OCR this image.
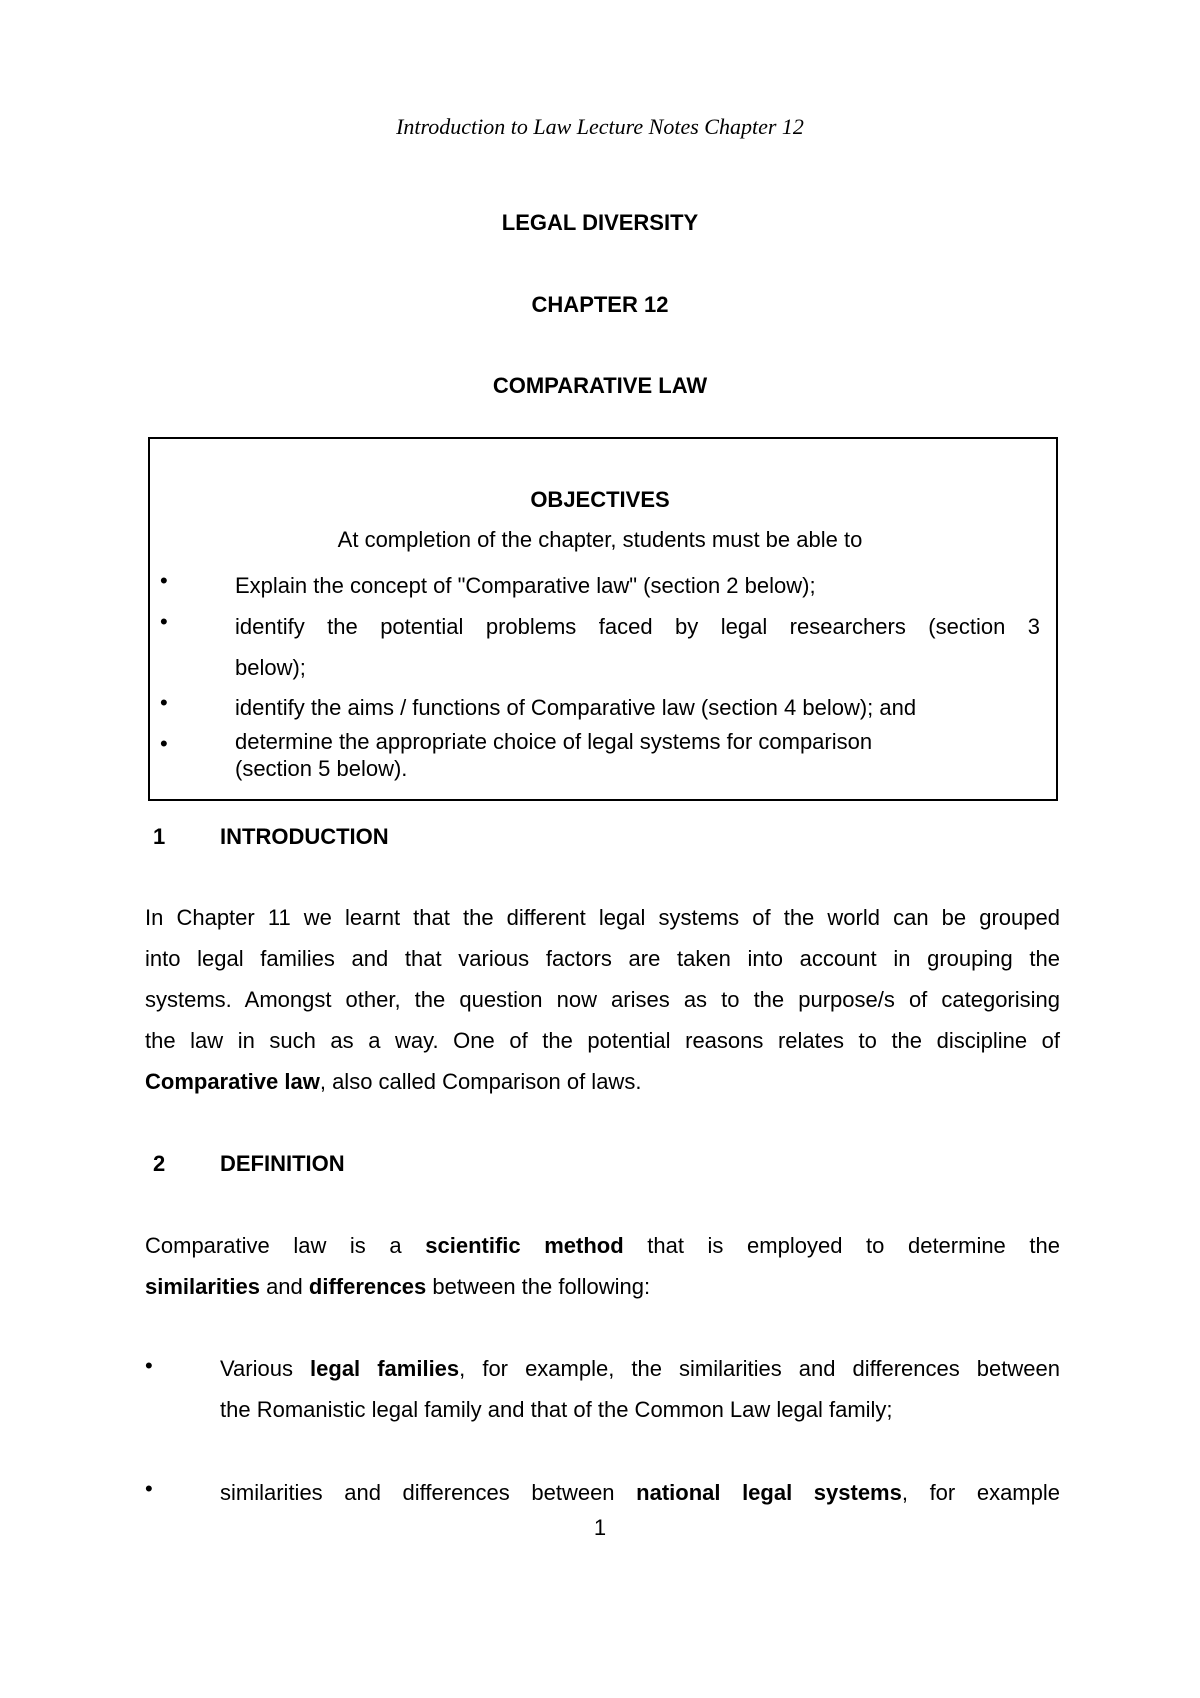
Introduction to Law Lecture Notes Chapter 12
LEGAL DIVERSITY
CHAPTER 12
COMPARATIVE LAW
OBJECTIVES
At completion of the chapter, students must be able to
•	Explain the concept of "Comparative law" (section 2 below);
•	identify the potential problems faced by legal researchers (section 3
below);
•	identify the aims / functions of Comparative law (section 4 below); and
•	determine the appropriate choice of legal systems for comparison
(section 5 below).
1 INTRODUCTION
In Chapter 11 we learnt that the different legal systems of the world can be grouped
into legal families and that various factors are taken into account in grouping the
systems. Amongst other, the question now arises as to the purpose/s of categorising
the law in such as a way. One of the potential reasons relates to the discipline of
Comparative law, also called Comparison of laws.
2 DEFINITION
Comparative law is a scientific method that is employed to determine the
similarities and differences between the following:
•	Various legal families, for example, the similarities and differences between
the Romanistic legal family and that of the Common Law legal family;
•	similarities and differences between national legal systems, for example
1
